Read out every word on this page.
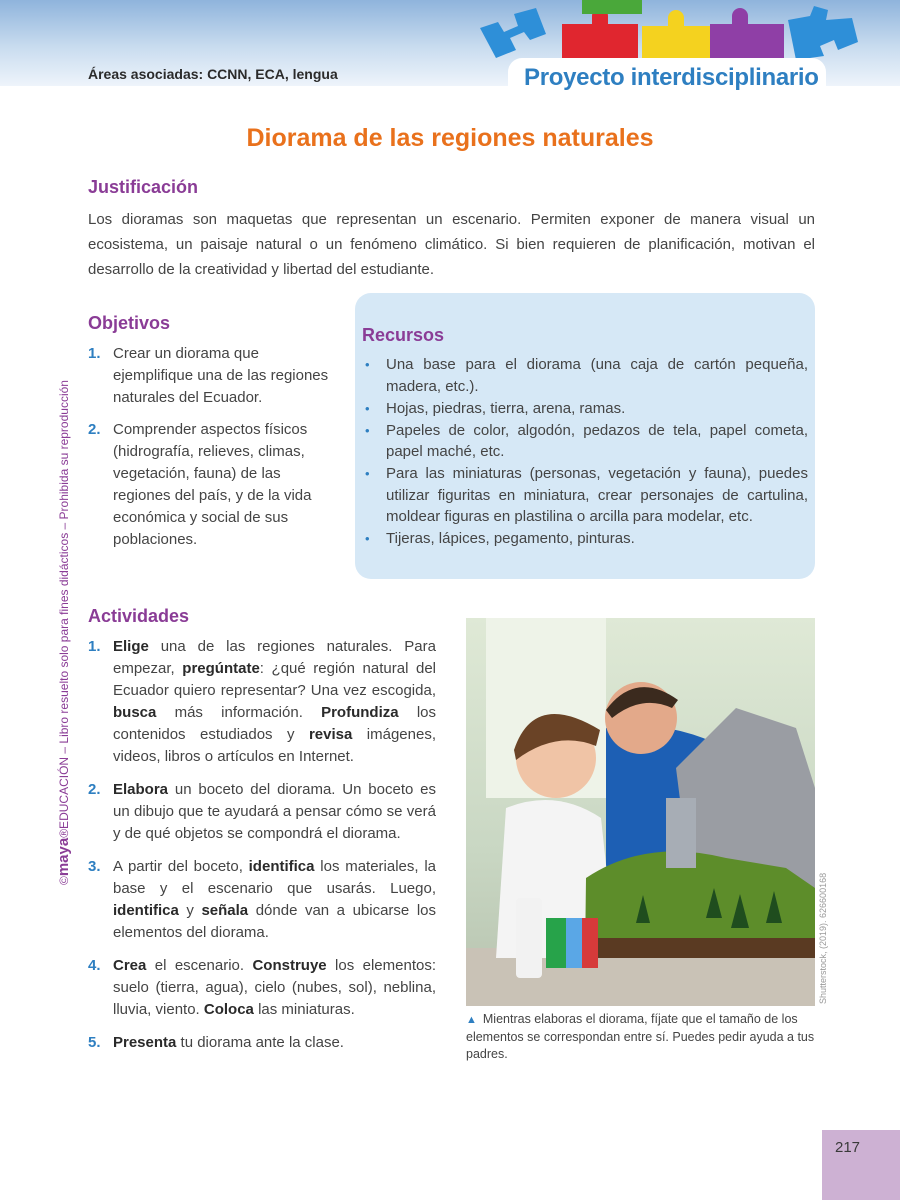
Áreas asociadas: CCNN, ECA, lengua	Proyecto interdisciplinario
Diorama de las regiones naturales
Justificación
Los dioramas son maquetas que representan un escenario. Permiten exponer de manera visual un ecosistema, un paisaje natural o un fenómeno climático. Si bien requieren de planificación, motivan el desarrollo de la creatividad y libertad del estudiante.
Objetivos
1. Crear un diorama que ejemplifique una de las regiones naturales del Ecuador.
2. Comprender aspectos físicos (hidrografía, relieves, climas, vegetación, fauna) de las regiones del país, y de la vida económica y social de sus poblaciones.
Recursos
• Una base para el diorama (una caja de cartón pequeña, madera, etc.).
• Hojas, piedras, tierra, arena, ramas.
• Papeles de color, algodón, pedazos de tela, papel cometa, papel maché, etc.
• Para las miniaturas (personas, vegetación y fauna), puedes utilizar figuritas en miniatura, crear personajes de cartulina, moldear figuras en plastilina o arcilla para modelar, etc.
• Tijeras, lápices, pegamento, pinturas.
Actividades
1. Elige una de las regiones naturales. Para empezar, pregúntate: ¿qué región natural del Ecuador quiero representar? Una vez escogida, busca más información. Profundiza los contenidos estudiados y revisa imágenes, videos, libros o artículos en Internet.
2. Elabora un boceto del diorama. Un boceto es un dibujo que te ayudará a pensar cómo se verá y de qué objetos se compondrá el diorama.
3. A partir del boceto, identifica los materiales, la base y el escenario que usarás. Luego, identifica y señala dónde van a ubicarse los elementos del diorama.
4. Crea el escenario. Construye los elementos: suelo (tierra, agua), cielo (nubes, sol), neblina, lluvia, viento. Coloca las miniaturas.
5. Presenta tu diorama ante la clase.
Shutterstock, (2019). 626600168
▲ Mientras elaboras el diorama, fíjate que el tamaño de los elementos se correspondan entre sí. Puedes pedir ayuda a tus padres.
©maya®EDUCACIÓN – Libro resuelto solo para fines didácticos – Prohibida su reproducción
217
